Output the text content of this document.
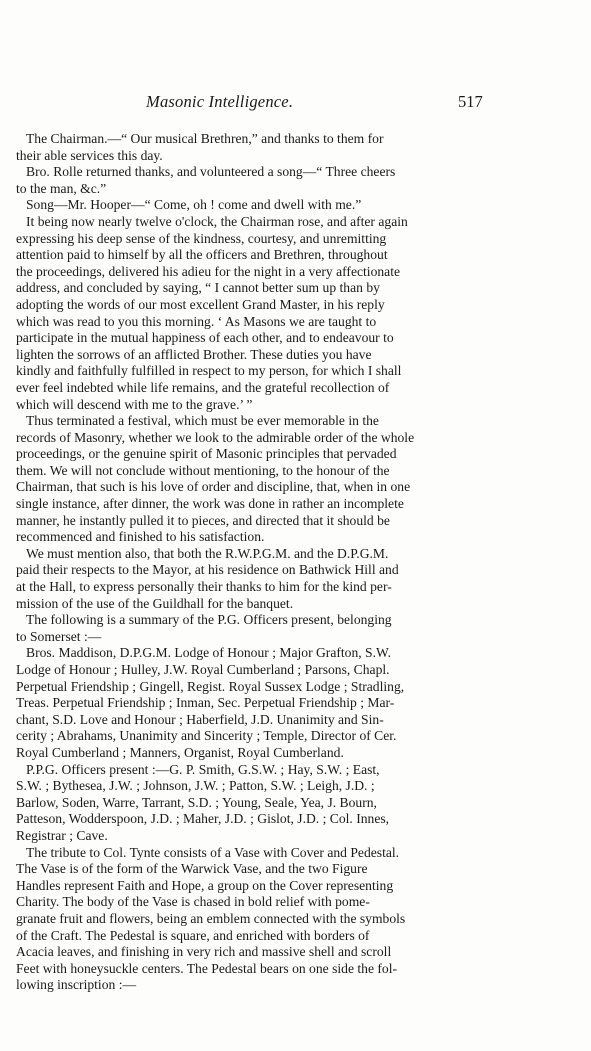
Masonic Intelligence.	517
The Chairman.—“ Our musical Brethren,” and thanks to them for
their able services this day.
Bro. Rolle returned thanks, and volunteered a song—“ Three cheers
to the man, &c.”
Song—Mr. Hooper—“ Come, oh ! come and dwell with me.”
It being now nearly twelve o'clock, the Chairman rose, and after again
expressing his deep sense of the kindness, courtesy, and unremitting
attention paid to himself by all the officers and Brethren, throughout
the proceedings, delivered his adieu for the night in a very affectionate
address, and concluded by saying, “ I cannot better sum up than by
adopting the words of our most excellent Grand Master, in his reply
which was read to you this morning. ‘ As Masons we are taught to
participate in the mutual happiness of each other, and to endeavour to
lighten the sorrows of an afflicted Brother. These duties you have
kindly and faithfully fulfilled in respect to my person, for which I shall
ever feel indebted while life remains, and the grateful recollection of
which will descend with me to the grave.’ ”
Thus terminated a festival, which must be ever memorable in the
records of Masonry, whether we look to the admirable order of the whole
proceedings, or the genuine spirit of Masonic principles that pervaded
them. We will not conclude without mentioning, to the honour of the
Chairman, that such is his love of order and discipline, that, when in one
single instance, after dinner, the work was done in rather an incomplete
manner, he instantly pulled it to pieces, and directed that it should be
recommenced and finished to his satisfaction.
We must mention also, that both the R.W.P.G.M. and the D.P.G.M.
paid their respects to the Mayor, at his residence on Bathwick Hill and
at the Hall, to express personally their thanks to him for the kind per-
mission of the use of the Guildhall for the banquet.
The following is a summary of the P.G. Officers present, belonging
to Somerset :—
Bros. Maddison, D.P.G.M. Lodge of Honour ; Major Grafton, S.W.
Lodge of Honour ; Hulley, J.W. Royal Cumberland ; Parsons, Chapl.
Perpetual Friendship ; Gingell, Regist. Royal Sussex Lodge ; Stradling,
Treas. Perpetual Friendship ; Inman, Sec. Perpetual Friendship ; Mar-
chant, S.D. Love and Honour ; Haberfield, J.D. Unanimity and Sin-
cerity ; Abrahams, Unanimity and Sincerity ; Temple, Director of Cer.
Royal Cumberland ; Manners, Organist, Royal Cumberland.
P.P.G. Officers present :—G. P. Smith, G.S.W. ; Hay, S.W. ; East,
S.W. ; Bythesea, J.W. ; Johnson, J.W. ; Patton, S.W. ; Leigh, J.D. ;
Barlow, Soden, Warre, Tarrant, S.D. ; Young, Seale, Yea, J. Bourn,
Patteson, Wodderspoon, J.D. ; Maher, J.D. ; Gislot, J.D. ; Col. Innes,
Registrar ; Cave.
The tribute to Col. Tynte consists of a Vase with Cover and Pedestal.
The Vase is of the form of the Warwick Vase, and the two Figure
Handles represent Faith and Hope, a group on the Cover representing
Charity. The body of the Vase is chased in bold relief with pome-
granate fruit and flowers, being an emblem connected with the symbols
of the Craft. The Pedestal is square, and enriched with borders of
Acacia leaves, and finishing in very rich and massive shell and scroll
Feet with honeysuckle centers. The Pedestal bears on one side the fol-
lowing inscription :—
